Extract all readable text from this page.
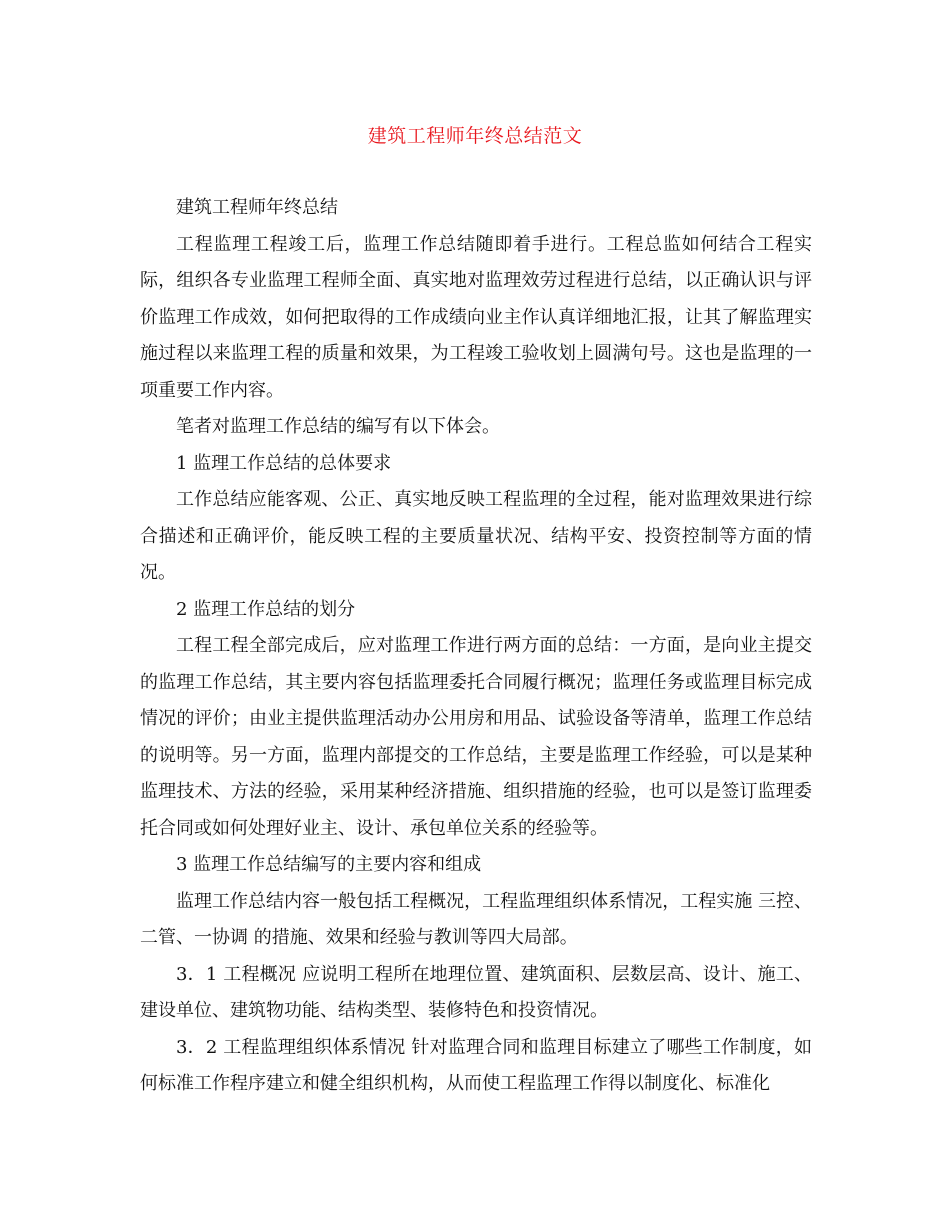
建筑工程师年终总结范文

建筑工程师年终总结

工程监理工程竣工后，监理工作总结随即着手进行。工程总监如何结合工程实际，组织各专业监理工程师全面、真实地对监理效劳过程进行总结，以正确认识与评价监理工作成效，如何把取得的工作成绩向业主作认真详细地汇报，让其了解监理实施过程以来监理工程的质量和效果，为工程竣工验收划上圆满句号。这也是监理的一项重要工作内容。

笔者对监理工作总结的编写有以下体会。

1 监理工作总结的总体要求

工作总结应能客观、公正、真实地反映工程监理的全过程，能对监理效果进行综合描述和正确评价，能反映工程的主要质量状况、结构平安、投资控制等方面的情况。

2 监理工作总结的划分

工程工程全部完成后，应对监理工作进行两方面的总结：一方面，是向业主提交的监理工作总结，其主要内容包括监理委托合同履行概况；监理任务或监理目标完成情况的评价；由业主提供监理活动办公用房和用品、试验设备等清单，监理工作总结的说明等。另一方面，监理内部提交的工作总结，主要是监理工作经验，可以是某种监理技术、方法的经验，采用某种经济措施、组织措施的经验，也可以是签订监理委托合同或如何处理好业主、设计、承包单位关系的经验等。

3 监理工作总结编写的主要内容和组成

监理工作总结内容一般包括工程概况，工程监理组织体系情况，工程实施 三控、二管、一协调 的措施、效果和经验与教训等四大局部。

3．1 工程概况 应说明工程所在地理位置、建筑面积、层数层高、设计、施工、建设单位、建筑物功能、结构类型、装修特色和投资情况。

3．2 工程监理组织体系情况 针对监理合同和监理目标建立了哪些工作制度，如何标准工作程序建立和健全组织机构，从而使工程监理工作得以制度化、标准化
